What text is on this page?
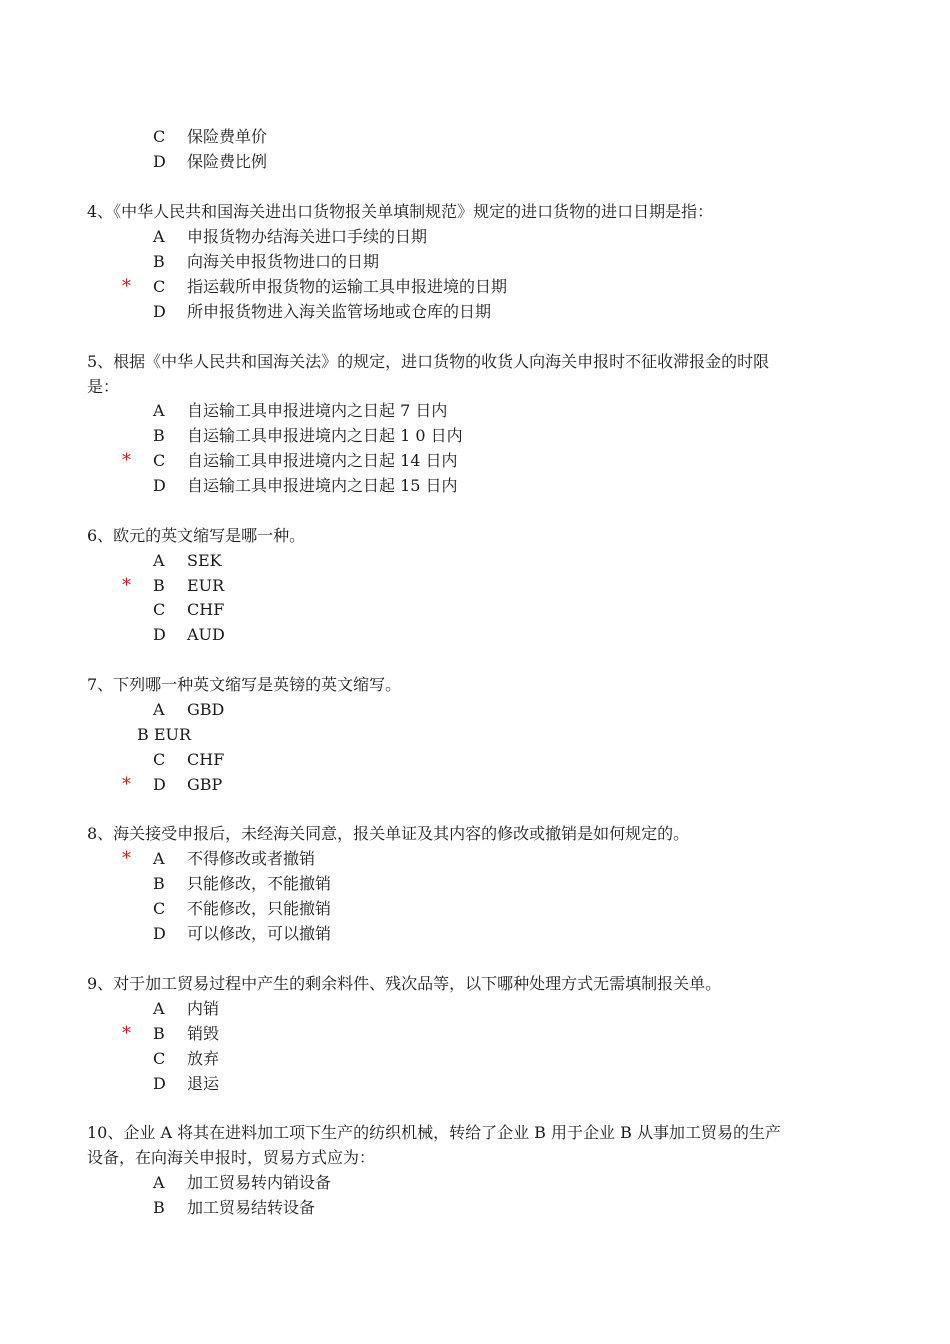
C	保险费单价
D	保险费比例
4、《中华人民共和国海关进出口货物报关单填制规范》规定的进口货物的进口日期是指：
A	申报货物办结海关进口手续的日期
B	向海关申报货物进口的日期
* C	指运载所申报货物的运输工具申报进境的日期
D	所申报货物进入海关监管场地或仓库的日期
5、根据《中华人民共和国海关法》的规定，进口货物的收货人向海关申报时不征收滞报金的时限
是：
A	自运输工具申报进境内之日起 7 日内
B	自运输工具申报进境内之日起 1 0 日内
* C	自运输工具申报进境内之日起 14 日内
D	自运输工具申报进境内之日起 15 日内
6、欧元的英文缩写是哪一种。
A	SEK
* B	EUR
C	CHF
D	AUD
7、下列哪一种英文缩写是英镑的英文缩写。
A	GBD
B EUR
C	CHF
* D	GBP
8、海关接受申报后，未经海关同意，报关单证及其内容的修改或撤销是如何规定的。
* A	不得修改或者撤销
B	只能修改，不能撤销
C	不能修改，只能撤销
D	可以修改，可以撤销
9、对于加工贸易过程中产生的剩余料件、残次品等，以下哪种处理方式无需填制报关单。
A	内销
* B	销毁
C	放弃
D	退运
10、企业 A 将其在进料加工项下生产的纺织机械，转给了企业 B 用于企业 B 从事加工贸易的生产
设备，在向海关申报时，贸易方式应为：
A	加工贸易转内销设备
B	加工贸易结转设备
